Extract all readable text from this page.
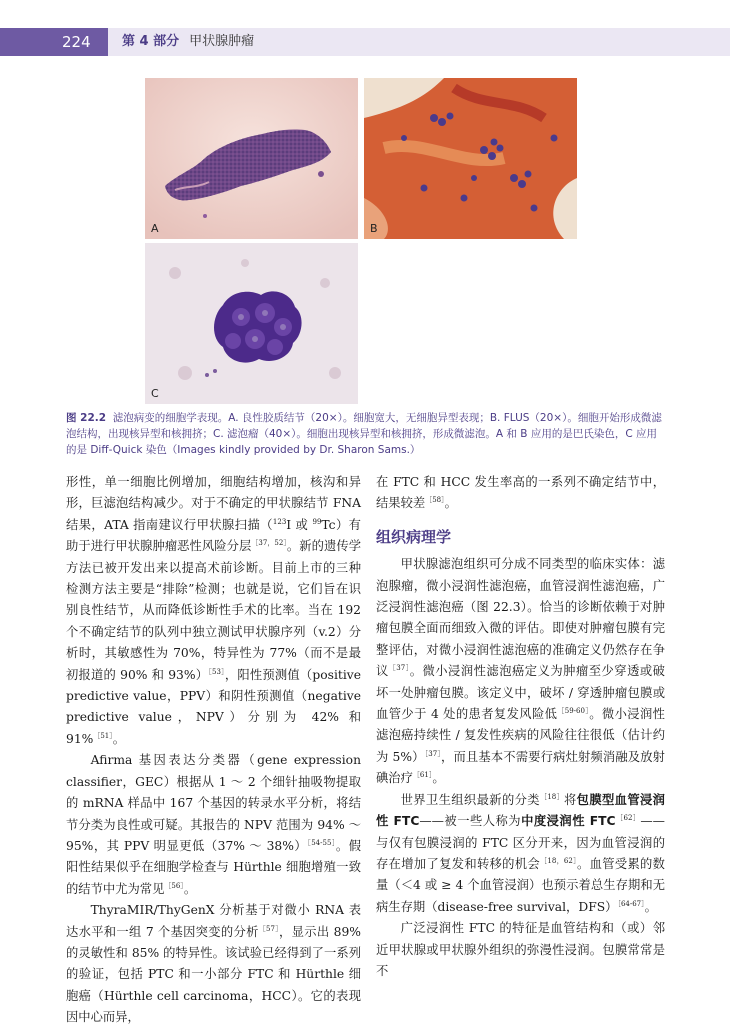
224	第 4 部分 甲状腺肿瘤
A	B
C
图 22.2 滤泡病变的细胞学表现。A. 良性胶质结节（20×）。细胞宽大，无细胞异型表现；B. FLUS（20×）。细胞开始形成微滤泡结构，出现核异型和核拥挤；C. 滤泡瘤（40×）。细胞出现核异型和核拥挤，形成微滤泡。A 和 B 应用的是巴氏染色，C 应用的是 Diff-Quick 染色（Images kindly provided by Dr. Sharon Sams.）

形性，单一细胞比例增加，细胞结构增加，核沟和异形，巨滤泡结构减少。对于不确定的甲状腺结节 FNA 结果，ATA 指南建议行甲状腺扫描（$^{123}$I 或 $^{99}$Tc）有助于进行甲状腺肿瘤恶性风险分层$^{[37,52]}$。新的遗传学方法已被开发出来以提高术前诊断。目前上市的三种检测方法主要是“排除”检测；也就是说，它们旨在识别良性结节，从而降低诊断性手术的比率。当在 192 个不确定结节的队列中独立测试甲状腺序列（v.2）分析时，其敏感性为 70%，特异性为 77%（而不是最初报道的 90% 和 93%）$^{[53]}$，阳性预测值（positive predictive value，PPV）和阴性预测值（negative predictive value，NPV）分别为 42% 和 91%$^{[51]}$。

Afirma 基因表达分类器（gene expression classifier，GEC）根据从 1 ～ 2 个细针抽吸物提取的 mRNA 样品中 167 个基因的转录水平分析，将结节分类为良性或可疑。其报告的 NPV 范围为 94% ～ 95%，其 PPV 明显更低（37% ～ 38%）$^{[54-55]}$。假阳性结果似乎在细胞学检查与 Hürthle 细胞增殖一致的结节中尤为常见$^{[56]}$。

ThyraMIR/ThyGenX 分析基于对微小 RNA 表达水平和一组 7 个基因突变的分析$^{[57]}$，显示出 89% 的灵敏性和 85% 的特异性。该试验已经得到了一系列的验证，包括 PTC 和一小部分 FTC 和 Hürthle 细胞癌（Hürthle cell carcinoma，HCC）。它的表现因中心而异，

在 FTC 和 HCC 发生率高的一系列不确定结节中，结果较差$^{[58]}$。

组织病理学

甲状腺滤泡组织可分成不同类型的临床实体：滤泡腺瘤，微小浸润性滤泡癌，血管浸润性滤泡癌，广泛浸润性滤泡癌（图 22.3）。恰当的诊断依赖于对肿瘤包膜全面而细致入微的评估。即使对肿瘤包膜有完整评估，对微小浸润性滤泡癌的准确定义仍然存在争议$^{[37]}$。微小浸润性滤泡癌定义为肿瘤至少穿透或破坏一处肿瘤包膜。该定义中，破坏 / 穿透肿瘤包膜或血管少于 4 处的患者复发风险低$^{[59-60]}$。微小浸润性滤泡癌持续性 / 复发性疾病的风险往往很低（估计约为 5%）$^{[37]}$，而且基本不需要行病灶射频消融及放射碘治疗$^{[61]}$。

世界卫生组织最新的分类$^{[18]}$将包膜型血管浸润性 FTC——被一些人称为中度浸润性 $FTC^{[62]}——$与仅有包膜浸润的 FTC 区分开来，因为血管浸润的存在增加了复发和转移的机会$^{[18,62]}$。血管受累的数量（＜4 或 ≥ 4 个血管浸润）也预示着总生存期和无病生存期（disease-free survival，DFS）$^{[64-67]}$。

广泛浸润性 FTC 的特征是血管结构和（或）邻近甲状腺或甲状腺外组织的弥漫性浸润。包膜常常是不
